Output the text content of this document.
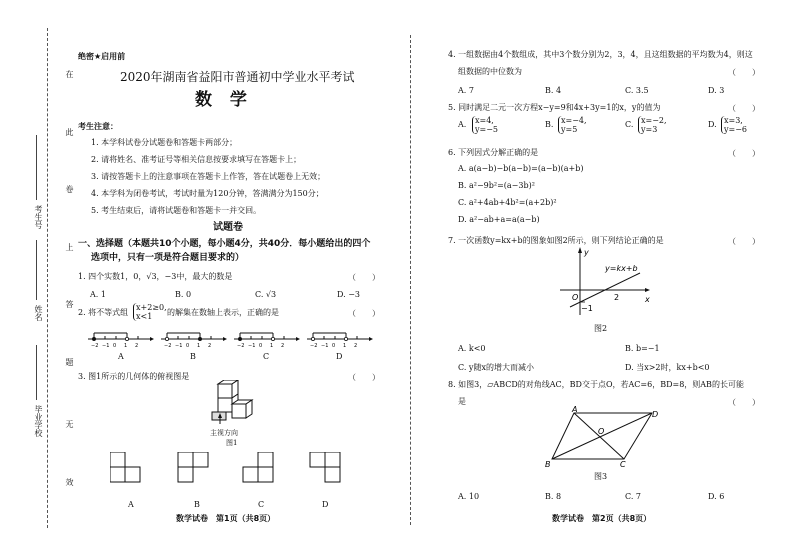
在
此
卷
上
答
题
无
效
考生号
姓名
毕业学校
绝密★启用前
2020年湖南省益阳市普通初中学业水平考试
数 学
考生注意：
1. 本学科试卷分试题卷和答题卡两部分；
2. 请将姓名、准考证号等相关信息按要求填写在答题卡上；
3. 请按答题卡上的注意事项在答题卡上作答，答在试题卷上无效；
4. 本学科为闭卷考试，考试时量为120分钟，答满满分为150分；
5. 考生结束后，请将试题卷和答题卡一并交回。
试题卷
一、选择题（本题共10个小题，每小题4分，共40分．每小题给出的四个
选项中，只有一项是符合题目要求的）
1. 四个实数1，0，√3，−3中，最大的数是	（　　）
A. 1	B. 0	C. √3	D. −3
2. 将不等式组
x+2≥0,
x<1	的解集在数轴上表示，正确的是	（　　）
−2 −1 0 1 2	−2 −1 0 1 2	−2 −1 0 1 2	−2 −1 0 1 2
A	B	C	D
3. 图1所示的几何体的俯视图是	（　　）
主视方向
图1
A	B	C	D
数学试卷　第1页（共8页）
4. 一组数据由4个数组成，其中3个数分别为2，3，4，且这组数据的平均数为4，则这
组数据的中位数为	（　　）
A. 7	B. 4	C. 3.5	D. 3
5. 同时满足二元一次方程x−y=9和4x+3y=1的x，y的值为	（　　）
A. x=4,
y=−5
B. x=−4,
y=5
C. x=−2,
y=3
D. x=3,
y=−6
6. 下列因式分解正确的是	（　　）
A. a(a−b)−b(a−b)=(a−b)(a+b)
B. a²−9b²=(a−3b)²
C. a²+4ab+4b²=(a+2b)²
D. a²−ab+a=a(a−b)
7. 一次函数y=kx+b的图象如图2所示，则下列结论正确的是	（　　）
x
y
O	2
−1
y=kx+b
图2
A. k<0	B. b=−1
C. y随x的增大而减小	D. 当x>2时，kx+b<0
8. 如图3，▱ABCD的对角线AC，BD交于点O，若AC=6，BD=8，则AB的长可能
是	（　　）
A
D
B	C
O
图3
A. 10	B. 8	C. 7	D. 6
数学试卷　第2页（共8页）
